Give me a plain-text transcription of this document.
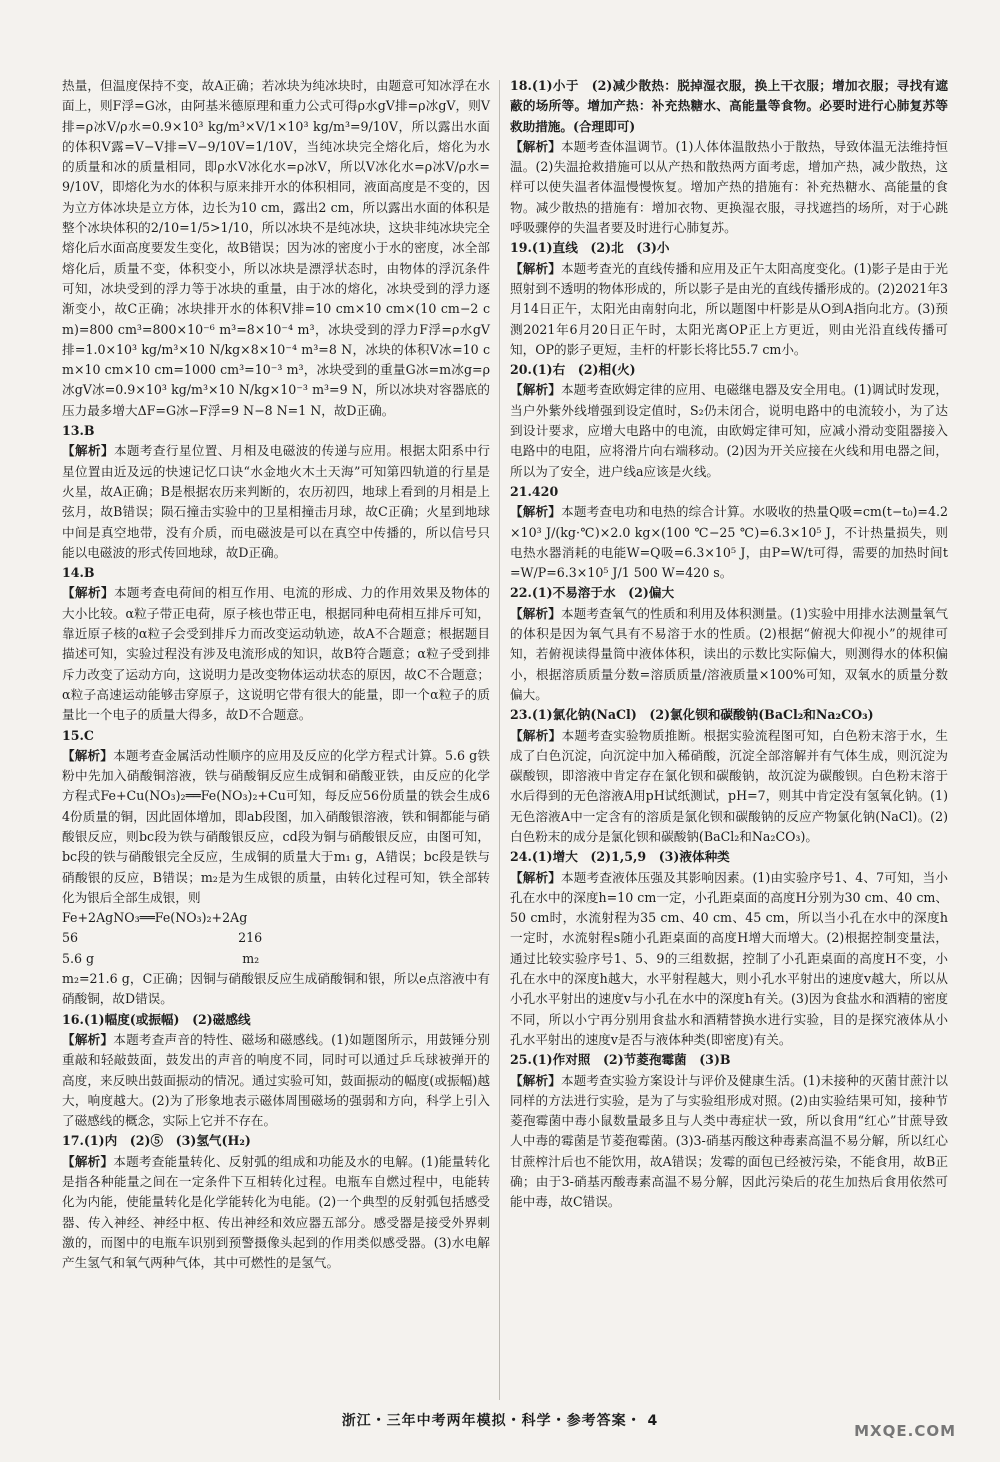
热量，但温度保持不变，故A正确；若冰块为纯冰块时，由题意可知冰浮在水面上，则F浮=G冰，由阿基米德原理和重力公式可得ρ水gV排=ρ冰gV，则V排=ρ冰V/ρ水=0.9×10³ kg/m³×V/1×10³ kg/m³=9/10V，所以露出水面的体积V露=V−V排=V−9/10V=1/10V，当纯冰块完全熔化后，熔化为水的质量和冰的质量相同，即ρ水V冰化水=ρ冰V，所以V冰化水=ρ冰V/ρ水=9/10V，即熔化为水的体积与原来排开水的体积相同，液面高度是不变的，因为立方体冰块是立方体，边长为10 cm，露出2 cm，所以露出水面的体积是整个冰块体积的2/10=1/5>1/10，所以冰块不是纯冰块，这块非纯冰块完全熔化后水面高度要发生变化，故B错误；因为冰的密度小于水的密度，冰全部熔化后，质量不变，体积变小，所以冰块是漂浮状态时，由物体的浮沉条件可知，冰块受到的浮力等于冰块的重量，由于冰的熔化，冰块受到的浮力逐渐变小，故C正确；冰块排开水的体积V排=10 cm×10 cm×(10 cm−2 cm)=800 cm³=800×10⁻⁶ m³=8×10⁻⁴ m³，冰块受到的浮力F浮=ρ水gV排=1.0×10³ kg/m³×10 N/kg×8×10⁻⁴ m³=8 N，冰块的体积V冰=10 cm×10 cm×10 cm=1000 cm³=10⁻³ m³，冰块受到的重量G冰=m冰g=ρ冰gV冰=0.9×10³ kg/m³×10 N/kg×10⁻³ m³=9 N，所以冰块对容器底的压力最多增大ΔF=G冰−F浮=9 N−8 N=1 N，故D正确。

13.B
【解析】本题考查行星位置、月相及电磁波的传递与应用。根据太阳系中行星位置由近及远的快速记忆口诀“水金地火木土天海”可知第四轨道的行星是火星，故A正确；B是根据农历来判断的，农历初四，地球上看到的月相是上弦月，故B错误；陨石撞击实验中的卫星相撞击月球，故C正确；火星到地球中间是真空地带，没有介质，而电磁波是可以在真空中传播的，所以信号只能以电磁波的形式传回地球，故D正确。

14.B
【解析】本题考查电荷间的相互作用、电流的形成、力的作用效果及物体的大小比较。α粒子带正电荷，原子核也带正电，根据同种电荷相互排斥可知，靠近原子核的α粒子会受到排斥力而改变运动轨迹，故A不合题意；根据题目描述可知，实验过程没有涉及电流形成的知识，故B符合题意；α粒子受到排斥力改变了运动方向，这说明力是改变物体运动状态的原因，故C不合题意；α粒子高速运动能够击穿原子，这说明它带有很大的能量，即一个α粒子的质量比一个电子的质量大得多，故D不合题意。

15.C
【解析】本题考查金属活动性顺序的应用及反应的化学方程式计算。5.6 g铁粉中先加入硝酸铜溶液，铁与硝酸铜反应生成铜和硝酸亚铁，由反应的化学方程式Fe+Cu(NO₃)₂══Fe(NO₃)₂+Cu可知，每反应56份质量的铁会生成64份质量的铜，因此固体增加，即ab段图，加入硝酸银溶液，铁和铜都能与硝酸银反应，则bc段为铁与硝酸银反应，cd段为铜与硝酸银反应，由图可知，bc段的铁与硝酸银完全反应，生成铜的质量大于m₁ g，A错误；bc段是铁与硝酸银的反应，B错误；m₂是为生成银的质量，由转化过程可知，铁全部转化为银后全部生成银，则

Fe+2AgNO₃══Fe(NO₃)₂+2Ag

56                                        216

5.6 g                                     m₂

m₂=21.6 g，C正确；因铜与硝酸银反应生成硝酸铜和银，所以e点溶液中有硝酸铜，故D错误。

16.(1)幅度(或振幅)　(2)磁感线
【解析】本题考查声音的特性、磁场和磁感线。(1)如题图所示，用鼓锤分别重敲和轻敲鼓面，鼓发出的声音的响度不同，同时可以通过乒乓球被弹开的高度，来反映出鼓面振动的情况。通过实验可知，鼓面振动的幅度(或振幅)越大，响度越大。(2)为了形象地表示磁体周围磁场的强弱和方向，科学上引入了磁感线的概念，实际上它并不存在。

17.(1)内　(2)⑤　(3)氢气(H₂)
【解析】本题考查能量转化、反射弧的组成和功能及水的电解。(1)能量转化是指各种能量之间在一定条件下互相转化过程。电瓶车自燃过程中，电能转化为内能，使能量转化是化学能转化为电能。(2)一个典型的反射弧包括感受器、传入神经、神经中枢、传出神经和效应器五部分。感受器是接受外界刺激的，而图中的电瓶车识别到预警摄像头起到的作用类似感受器。(3)水电解产生氢气和氧气两种气体，其中可燃性的是氢气。

18.(1)小于　(2)减少散热：脱掉湿衣服，换上干衣服；增加衣服；寻找有遮蔽的场所等。增加产热：补充热糖水、高能量等食物。必要时进行心肺复苏等救助措施。(合理即可)
【解析】本题考查体温调节。(1)人体体温散热小于散热，导致体温无法维持恒温。(2)失温抢救措施可以从产热和散热两方面考虑，增加产热，减少散热，这样可以使失温者体温慢慢恢复。增加产热的措施有：补充热糖水、高能量的食物。减少散热的措施有：增加衣物、更换湿衣服，寻找遮挡的场所，对于心跳呼吸骤停的失温者要及时进行心肺复苏。

19.(1)直线　(2)北　(3)小
【解析】本题考查光的直线传播和应用及正午太阳高度变化。(1)影子是由于光照射到不透明的物体形成的，所以影子是由光的直线传播形成的。(2)2021年3月14日正午，太阳光由南射向北，所以题图中杆影是从O到A指向北方。(3)预测2021年6月20日正午时，太阳光离OP正上方更近，则由光沿直线传播可知，OP的影子更短，圭杆的杆影长将比55.7 cm小。

20.(1)右　(2)相(火)
【解析】本题考查欧姆定律的应用、电磁继电器及安全用电。(1)调试时发现，当户外紫外线增强到设定值时，S₂仍未闭合，说明电路中的电流较小，为了达到设计要求，应增大电路中的电流，由欧姆定律可知，应减小滑动变阻器接入电路中的电阻，应将滑片向右端移动。(2)因为开关应接在火线和用电器之间，所以为了安全，进户线a应该是火线。

21.420
【解析】本题考查电功和电热的综合计算。水吸收的热量Q吸=cm(t−t₀)=4.2×10³ J/(kg·℃)×2.0 kg×(100 ℃−25 ℃)=6.3×10⁵ J，不计热量损失，则电热水器消耗的电能W=Q吸=6.3×10⁵ J，由P=W/t可得，需要的加热时间t=W/P=6.3×10⁵ J/1 500 W=420 s。

22.(1)不易溶于水　(2)偏大
【解析】本题考查氧气的性质和利用及体积测量。(1)实验中用排水法测量氧气的体积是因为氧气具有不易溶于水的性质。(2)根据“俯视大仰视小”的规律可知，若俯视读得量筒中液体体积，读出的示数比实际偏大，则测得水的体积偏小，根据溶质质量分数=溶质质量/溶液质量×100%可知，双氧水的质量分数偏大。

23.(1)氯化钠(NaCl)　(2)氯化钡和碳酸钠(BaCl₂和Na₂CO₃)
【解析】本题考查实验物质推断。根据实验流程图可知，白色粉末溶于水，生成了白色沉淀，向沉淀中加入稀硝酸，沉淀全部溶解并有气体生成，则沉淀为碳酸钡，即溶液中肯定存在氯化钡和碳酸钠，故沉淀为碳酸钡。白色粉末溶于水后得到的无色溶液A用pH试纸测试，pH=7，则其中肯定没有氢氧化钠。(1)无色溶液A中一定含有的溶质是氯化钡和碳酸钠的反应产物氯化钠(NaCl)。(2)白色粉末的成分是氯化钡和碳酸钠(BaCl₂和Na₂CO₃)。

24.(1)增大　(2)1,5,9　(3)液体种类
【解析】本题考查液体压强及其影响因素。(1)由实验序号1、4、7可知，当小孔在水中的深度h=10 cm一定，小孔距桌面的高度H分别为30 cm、40 cm、50 cm时，水流射程为35 cm、40 cm、45 cm，所以当小孔在水中的深度h一定时，水流射程s随小孔距桌面的高度H增大而增大。(2)根据控制变量法，通过比较实验序号1、5、9的三组数据，控制了小孔距桌面的高度H不变，小孔在水中的深度h越大，水平射程越大，则小孔水平射出的速度v越大，所以从小孔水平射出的速度v与小孔在水中的深度h有关。(3)因为食盐水和酒精的密度不同，所以小宁再分别用食盐水和酒精替换水进行实验，目的是探究液体从小孔水平射出的速度v是否与液体种类(即密度)有关。

25.(1)作对照　(2)节菱孢霉菌　(3)B
【解析】本题考查实验方案设计与评价及健康生活。(1)未接种的灭菌甘蔗汁以同样的方法进行实验，是为了与实验组形成对照。(2)由实验结果可知，接种节菱孢霉菌中毒小鼠数量最多且与人类中毒症状一致，所以食用“红心”甘蔗导致人中毒的霉菌是节菱孢霉菌。(3)3-硝基丙酸这种毒素高温不易分解，所以红心甘蔗榨汁后也不能饮用，故A错误；发霉的面包已经被污染，不能食用，故B正确；由于3-硝基丙酸毒素高温不易分解，因此污染后的花生加热后食用依然可能中毒，故C错误。

浙江・三年中考两年模拟・科学・参考答案・ 4
MXQE.COM
